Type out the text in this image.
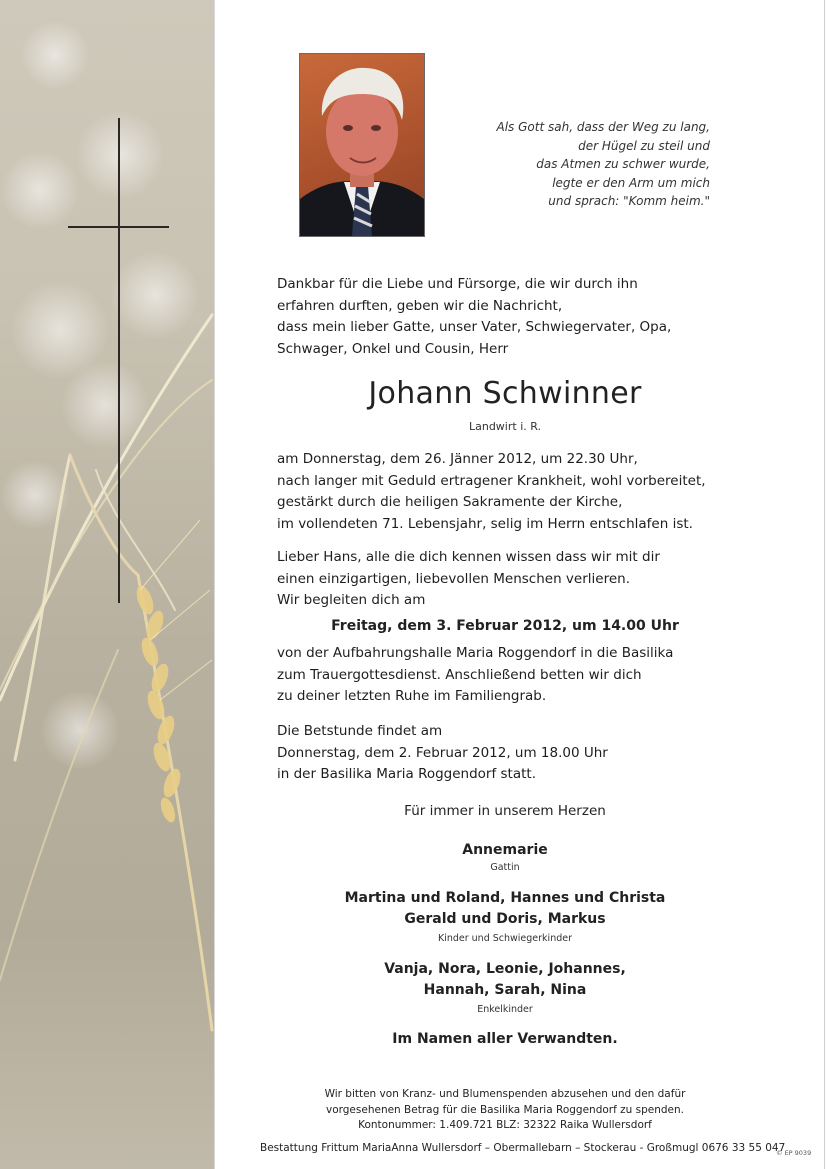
Als Gott sah, dass der Weg zu lang,
der Hügel zu steil und
das Atmen zu schwer wurde,
legte er den Arm um mich
und sprach: "Komm heim."
Dankbar für die Liebe und Fürsorge, die wir durch ihn
erfahren durften, geben wir die Nachricht,
dass mein lieber Gatte, unser Vater, Schwiegervater, Opa,
Schwager, Onkel und Cousin, Herr
Johann Schwinner
Landwirt i. R.
am Donnerstag, dem 26. Jänner 2012, um 22.30 Uhr,
nach langer mit Geduld ertragener Krankheit, wohl vorbereitet,
gestärkt durch die heiligen Sakramente der Kirche,
im vollendeten 71. Lebensjahr, selig im Herrn entschlafen ist.
Lieber Hans, alle die dich kennen wissen dass wir mit dir
einen einzigartigen, liebevollen Menschen verlieren.
Wir begleiten dich am
Freitag, dem 3. Februar 2012, um 14.00 Uhr
von der Aufbahrungshalle Maria Roggendorf in die Basilika
zum Trauergottesdienst. Anschließend betten wir dich
zu deiner letzten Ruhe im Familiengrab.
Die Betstunde findet am
Donnerstag, dem 2. Februar 2012, um 18.00 Uhr
in der Basilika Maria Roggendorf statt.
Für immer in unserem Herzen
Annemarie
Gattin
Martina und Roland, Hannes und Christa
Gerald und Doris, Markus
Kinder und Schwiegerkinder
Vanja, Nora, Leonie, Johannes,
Hannah, Sarah, Nina
Enkelkinder
Im Namen aller Verwandten.
Wir bitten von Kranz- und Blumenspenden abzusehen und den dafür
vorgesehenen Betrag für die Basilika Maria Roggendorf zu spenden.
Kontonummer: 1.409.721 BLZ: 32322 Raika Wullersdorf
Bestattung Frittum MariaAnna Wullersdorf – Obermallebarn – Stockerau - Großmugl 0676 33 55 047
© EP 9039
